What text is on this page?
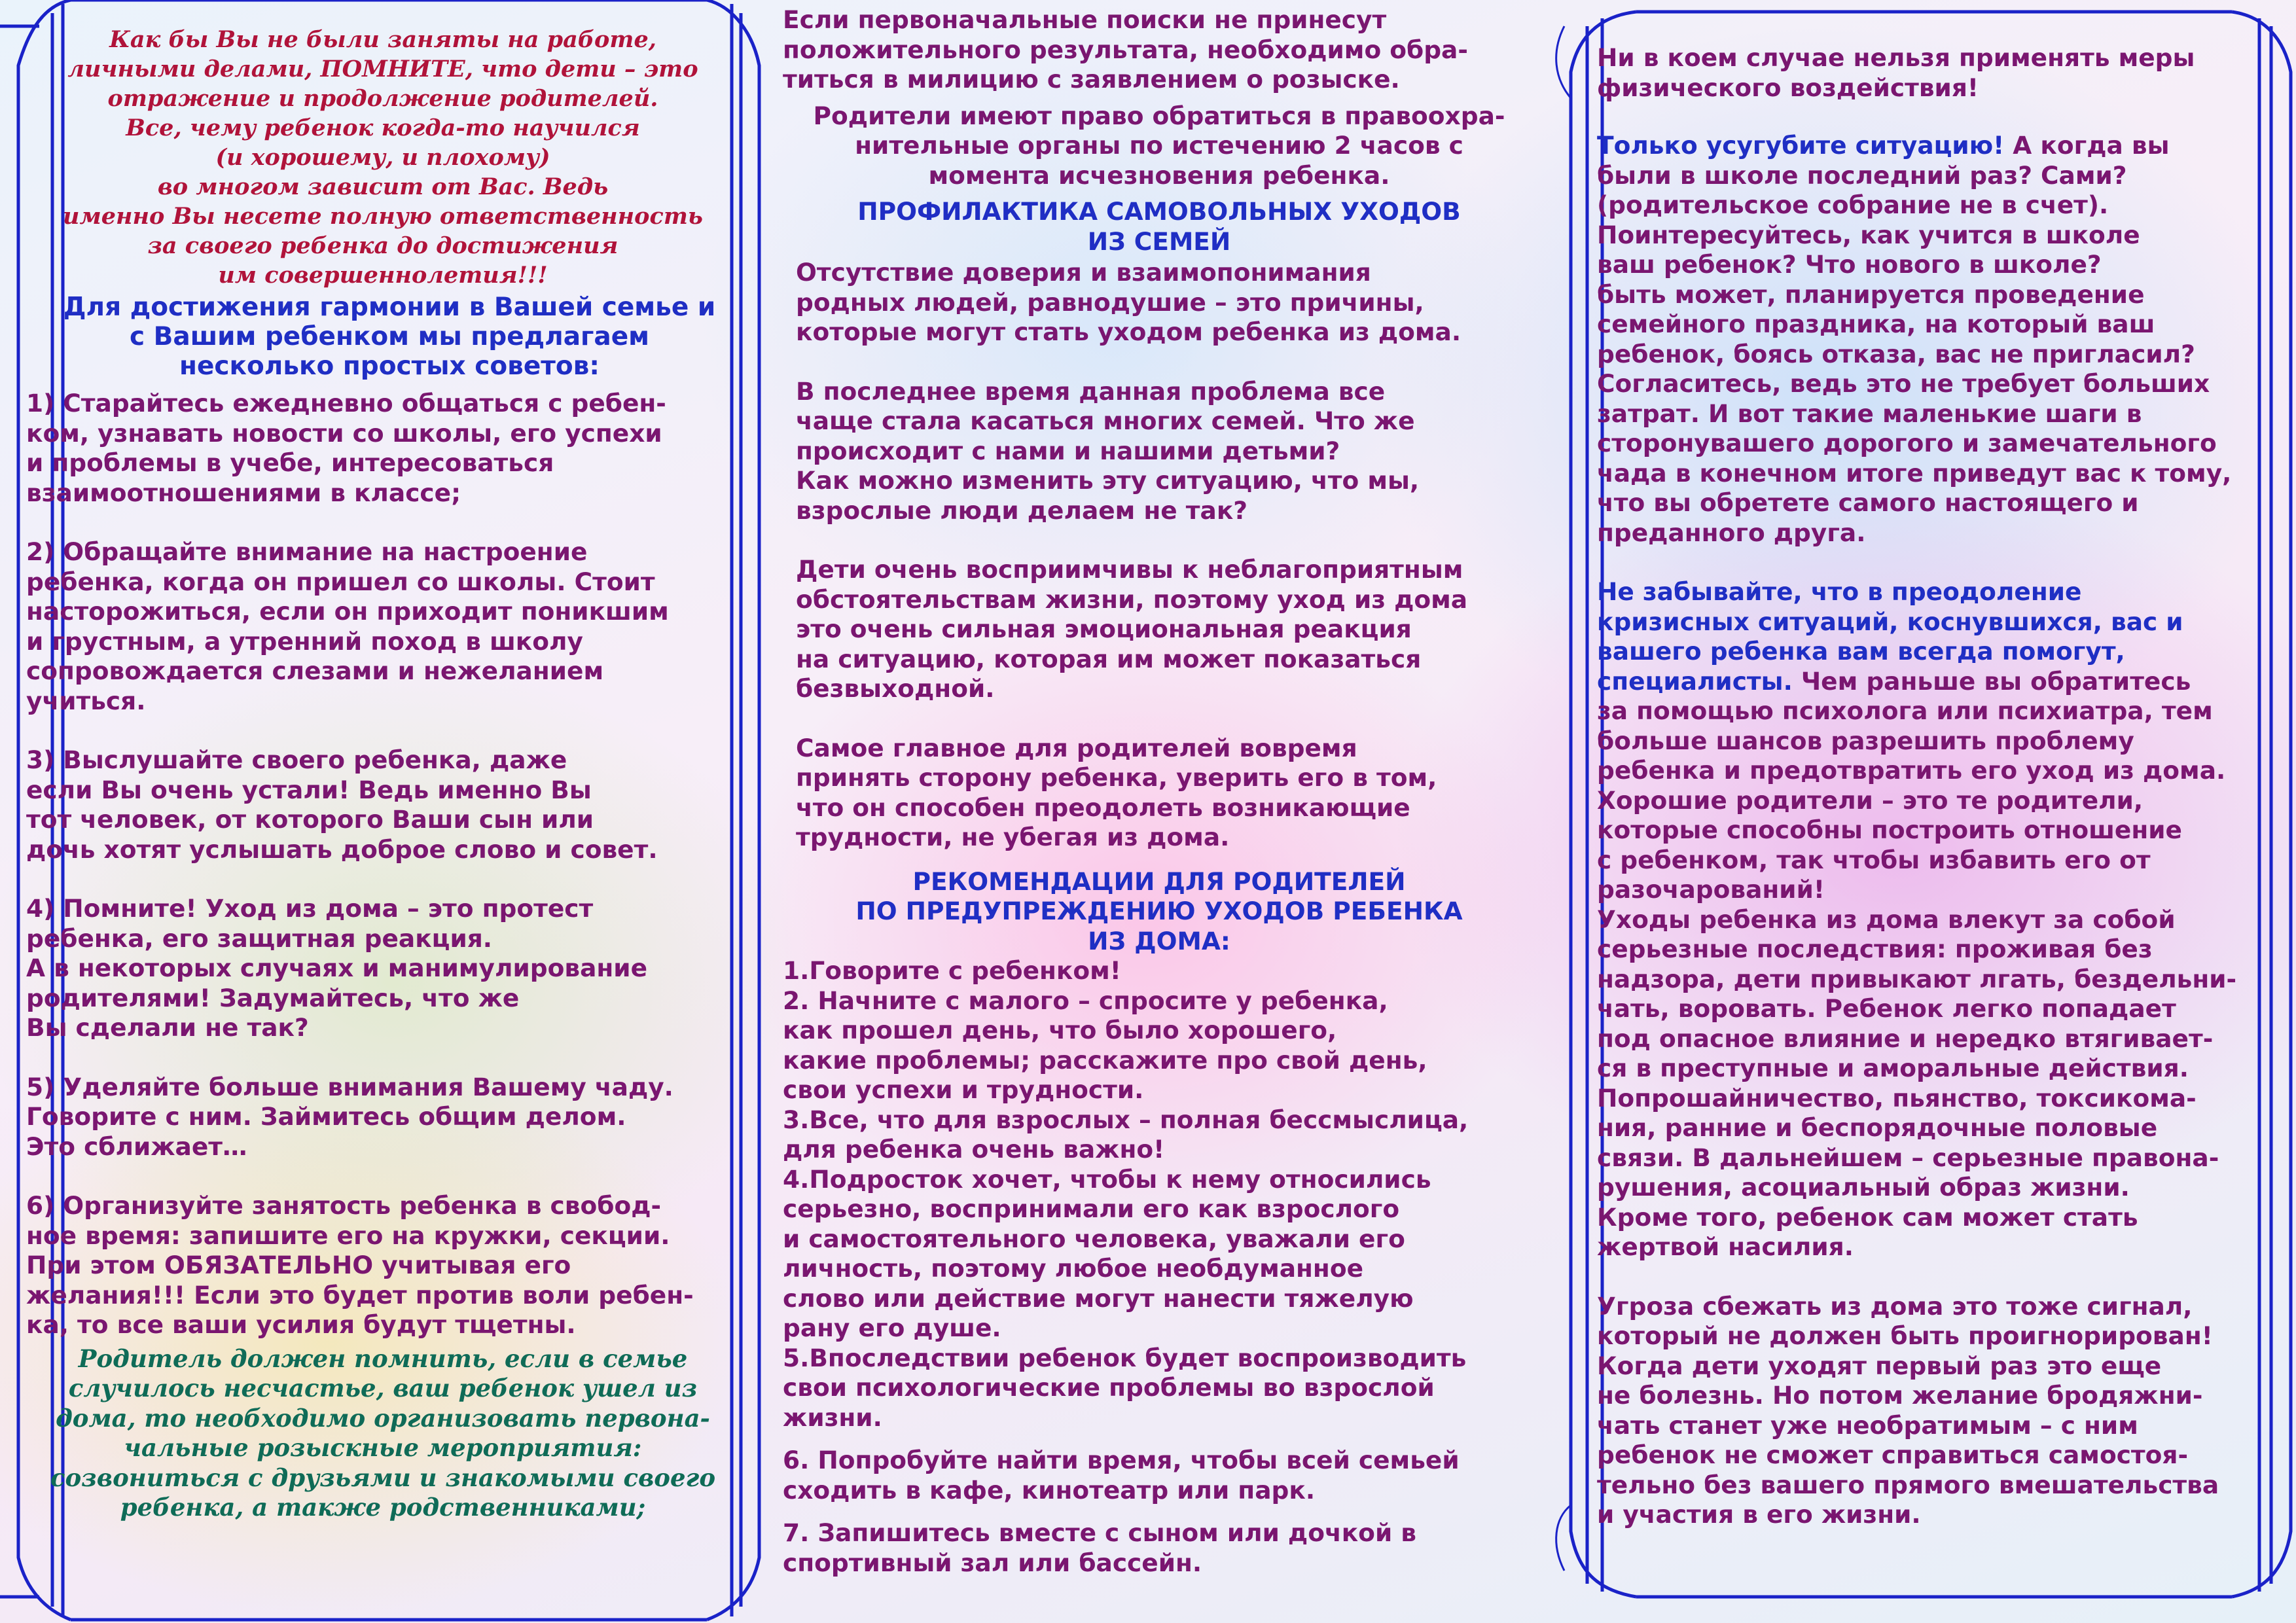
Как бы Вы не были заняты на работе,
личными делами, ПОМНИТЕ, что дети – это
отражение и продолжение родителей.
Все, чему ребенок когда-то научился
(и хорошему, и плохому)
во многом зависит от Вас. Ведь
именно Вы несете полную ответственность
за своего ребенка до достижения
им совершеннолетия!!!

Для достижения гармонии в Вашей семье и
с Вашим ребенком мы предлагаем
несколько простых советов:

1) Старайтесь ежедневно общаться с ребен-
ком, узнавать новости со школы, его успехи
и проблемы в учебе, интересоваться
взаимоотношениями в классе;

2) Обращайте внимание на настроение
ребенка, когда он пришел со школы. Стоит
насторожиться, если он приходит поникшим
и грустным, а утренний поход в школу
сопровождается слезами и нежеланием
учиться.

3) Выслушайте своего ребенка, даже
если Вы очень устали! Ведь именно Вы
тот человек, от которого Ваши сын или
дочь хотят услышать доброе слово и совет.

4) Помните! Уход из дома – это протест
ребенка, его защитная реакция.
А в некоторых случаях и манимулирование
родителями! Задумайтесь, что же
Вы сделали не так?

5) Уделяйте больше внимания Вашему чаду.
Говорите с ним. Займитесь общим делом.
Это сближает…

6) Организуйте занятость ребенка в свобод-
ное время: запишите его на кружки, секции.
При этом ОБЯЗАТЕЛЬНО учитывая его
желания!!! Если это будет против воли ребен-
ка, то все ваши усилия будут тщетны.

Родитель должен помнить, если в семье
случилось несчастье, ваш ребенок ушел из
дома, то необходимо организовать первона-
чальные розыскные мероприятия:
созвониться с друзьями и знакомыми своего
ребенка, а также родственниками;

Если первоначальные поиски не принесут
положительного результата, необходимо обра-
титься в милицию с заявлением о розыске.

Родители имеют право обратиться в правоохра-
нительные органы по истечению 2 часов с
момента исчезновения ребенка.

ПРОФИЛАКТИКА САМОВОЛЬНЫХ УХОДОВ
ИЗ СЕМЕЙ

Отсутствие доверия и взаимопонимания
родных людей, равнодушие – это причины,
которые могут стать уходом ребенка из дома.

В последнее время данная проблема все
чаще стала касаться многих семей. Что же
происходит с нами и нашими детьми?
Как можно изменить эту ситуацию, что мы,
взрослые люди делаем не так?

Дети очень восприимчивы к неблагоприятным
обстоятельствам жизни, поэтому уход из дома
это очень сильная эмоциональная реакция
на ситуацию, которая им может показаться
безвыходной.

Самое главное для родителей вовремя
принять сторону ребенка, уверить его в том,
что он способен преодолеть возникающие
трудности, не убегая из дома.

РЕКОМЕНДАЦИИ ДЛЯ РОДИТЕЛЕЙ
ПО ПРЕДУПРЕЖДЕНИЮ УХОДОВ РЕБЕНКА
ИЗ ДОМА:

1.Говорите с ребенком!

2. Начните с малого – спросите у ребенка,
как прошел день, что было хорошего,
какие проблемы; расскажите про свой день,
свои успехи и трудности.

3.Все, что для взрослых – полная бессмыслица,
для ребенка очень важно!

4.Подросток хочет, чтобы к нему относились
серьезно, воспринимали его как взрослого
и самостоятельного человека, уважали его
личность, поэтому любое необдуманное
слово или действие могут нанести тяжелую
рану его душе.

5.Впоследствии ребенок будет воспроизводить
свои психологические проблемы во взрослой
жизни.

6. Попробуйте найти время, чтобы всей семьей
сходить в кафе, кинотеатр или парк.

7. Запишитесь вместе с сыном или дочкой в
спортивный зал или бассейн.

Ни в коем случае нельзя применять меры
физического воздействия!

Только усугубите ситуацию! А когда вы
были в школе последний раз? Сами?
(родительское собрание не в счет).
Поинтересуйтесь, как учится в школе
ваш ребенок? Что нового в школе?
быть может, планируется проведение
семейного праздника, на который ваш
ребенок, боясь отказа, вас не пригласил?
Согласитесь, ведь это не требует больших
затрат. И вот такие маленькие шаги в
сторонувашего дорогого и замечательного
чада в конечном итоге приведут вас к тому,
что вы обретете самого настоящего и
преданного друга.

Не забывайте, что в преодоление
кризисных ситуаций, коснувшихся, вас и
вашего ребенка вам всегда помогут,
специалисты. Чем раньше вы обратитесь
за помощью психолога или психиатра, тем
больше шансов разрешить проблему
ребенка и предотвратить его уход из дома.
Хорошие родители – это те родители,
которые способны построить отношение
с ребенком, так чтобы избавить его от
разочарований!
Уходы ребенка из дома влекут за собой
серьезные последствия: проживая без
надзора, дети привыкают лгать, бездельни-
чать, воровать. Ребенок легко попадает
под опасное влияние и нередко втягивает-
ся в преступные и аморальные действия.
Попрошайничество, пьянство, токсикома-
ния, ранние и беспорядочные половые
связи. В дальнейшем – серьезные правона-
рушения, асоциальный образ жизни.
Кроме того, ребенок сам может стать
жертвой насилия.

Угроза сбежать из дома это тоже сигнал,
который не должен быть проигнорирован!
Когда дети уходят первый раз это еще
не болезнь. Но потом желание бродяжни-
чать станет уже необратимым – с ним
ребенок не сможет справиться самостоя-
тельно без вашего прямого вмешательства
и участия в его жизни.
